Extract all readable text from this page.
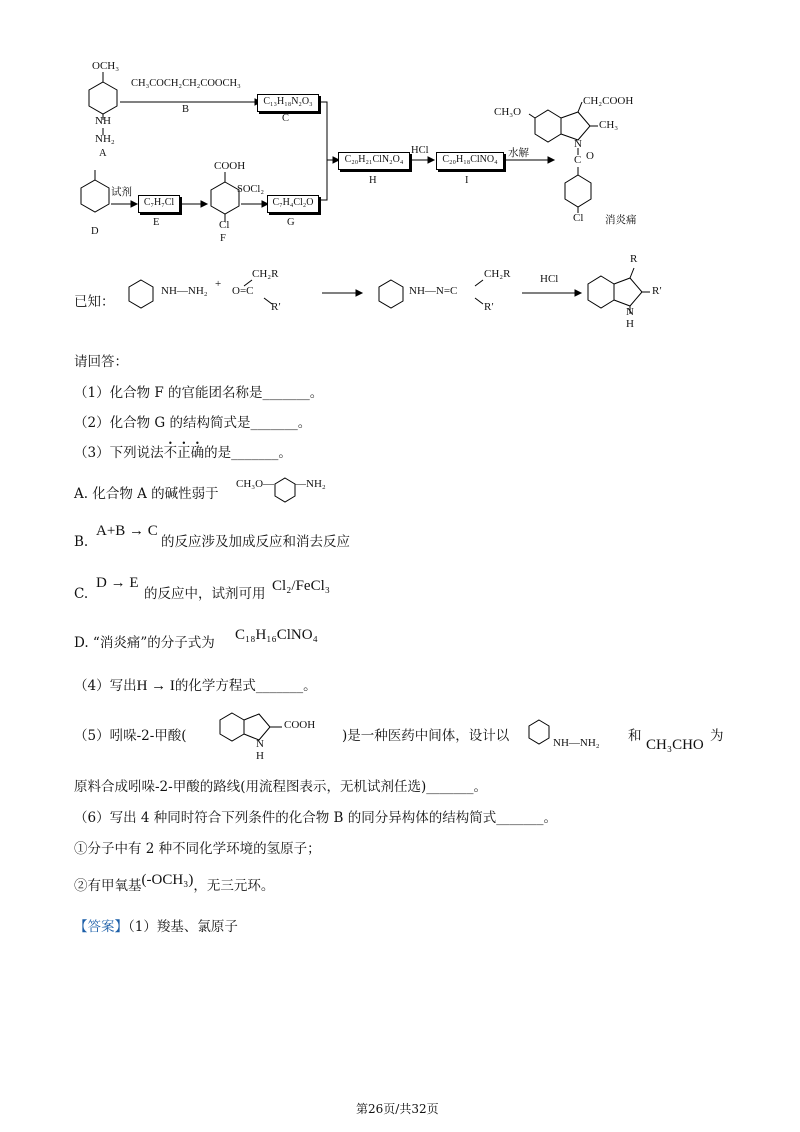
OCH₃
NH
NH₂
A
CH₃COCH₂CH₂COOCH₃
B
C₁₃H₁₈N₂O₃
C
D
试剂
C₇H₇Cl
E
COOH
Cl
F
SOCl₂
C₇H₄Cl₂O
G
C₂₀H₂₁ClN₂O₄
H
HCl
C₂₀H₁₈ClNO₄
I
水解
CH₂COOH
CH₃O
CH₃
N
O
C
Cl 消炎痛
已知：
NH—NH₂
+
O=C
CH₂R
R′
NH—N=C
CH₂R
R′
HCl
R
R′
N
H
请回答：
（1）化合物 F 的官能团名称是_______。
（2）化合物 G 的结构简式是_______。
（3）下列说法不正确的是_______。
A. 化合物 A 的碱性弱于
CH₃O— —NH₂
B.
A+B → C
的反应涉及加成反应和消去反应
C.
D → E
的反应中，试剂可用 Cl₂/FeCl₃
D. “消炎痛”的分子式为 C₁₈H₁₆ClNO₄
（4）写出H → I的化学方程式_______。
（5）吲哚-2-甲酸(
COOH
N
H
)是一种医药中间体，设计以	NH—NH₂ 和
CH₃CHO
为
原料合成吲哚-2-甲酸的路线(用流程图表示，无机试剂任选)_______。
（6）写出 4 种同时符合下列条件的化合物 B 的同分异构体的结构简式_______。
①分子中有 2 种不同化学环境的氢原子；
②有甲氧基(-OCH₃)，无三元环。
【答案】（1）羧基、氯原子
第26页/共32页
